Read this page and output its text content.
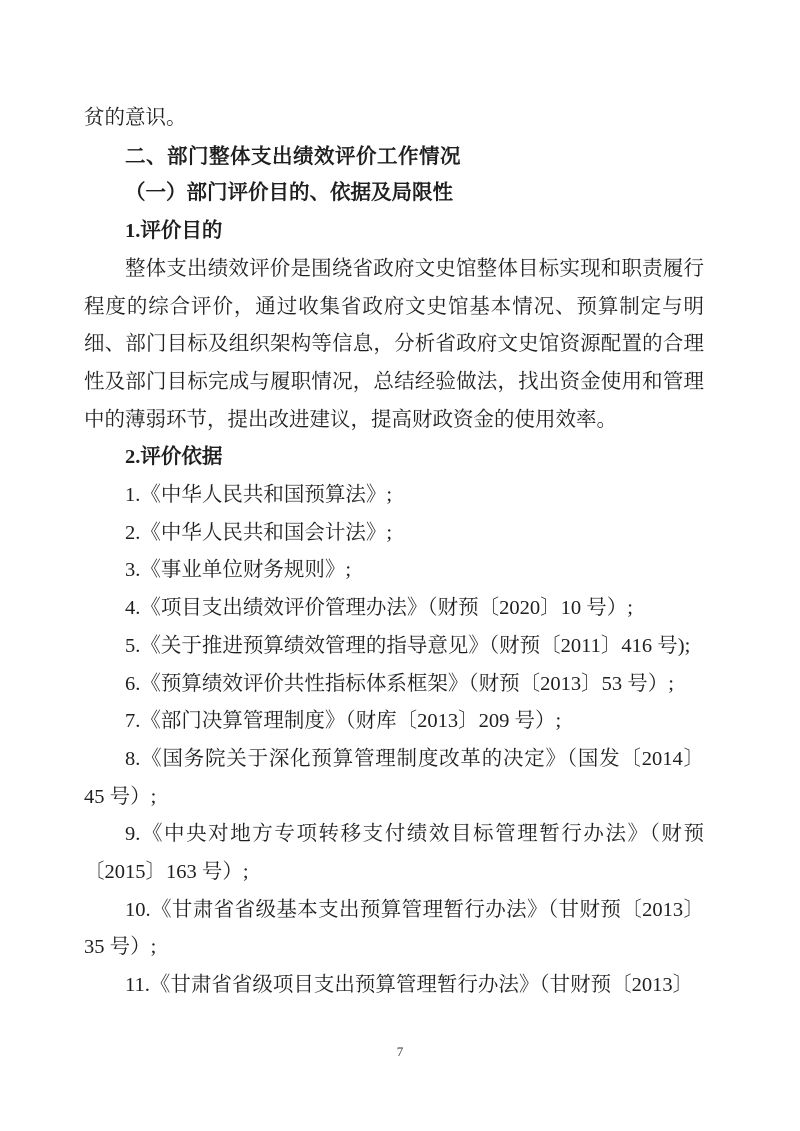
贫的意识。

二、部门整体支出绩效评价工作情况

（一）部门评价目的、依据及局限性

1.评价目的

整体支出绩效评价是围绕省政府文史馆整体目标实现和职责履行程度的综合评价，通过收集省政府文史馆基本情况、预算制定与明细、部门目标及组织架构等信息，分析省政府文史馆资源配置的合理性及部门目标完成与履职情况，总结经验做法，找出资金使用和管理中的薄弱环节，提出改进建议，提高财政资金的使用效率。

2.评价依据

1.《中华人民共和国预算法》;

2.《中华人民共和国会计法》;

3.《事业单位财务规则》;

4.《项目支出绩效评价管理办法》（财预〔2020〕10 号）;

5.《关于推进预算绩效管理的指导意见》（财预〔2011〕416 号);

6.《预算绩效评价共性指标体系框架》（财预〔2013〕53 号）;

7.《部门决算管理制度》（财库〔2013〕209 号）;

8.《国务院关于深化预算管理制度改革的决定》（国发〔2014〕45 号）;

9.《中央对地方专项转移支付绩效目标管理暂行办法》（财预〔2015〕163 号）;

10.《甘肃省省级基本支出预算管理暂行办法》（甘财预〔2013〕35 号）;

11.《甘肃省省级项目支出预算管理暂行办法》（甘财预〔2013〕

7
